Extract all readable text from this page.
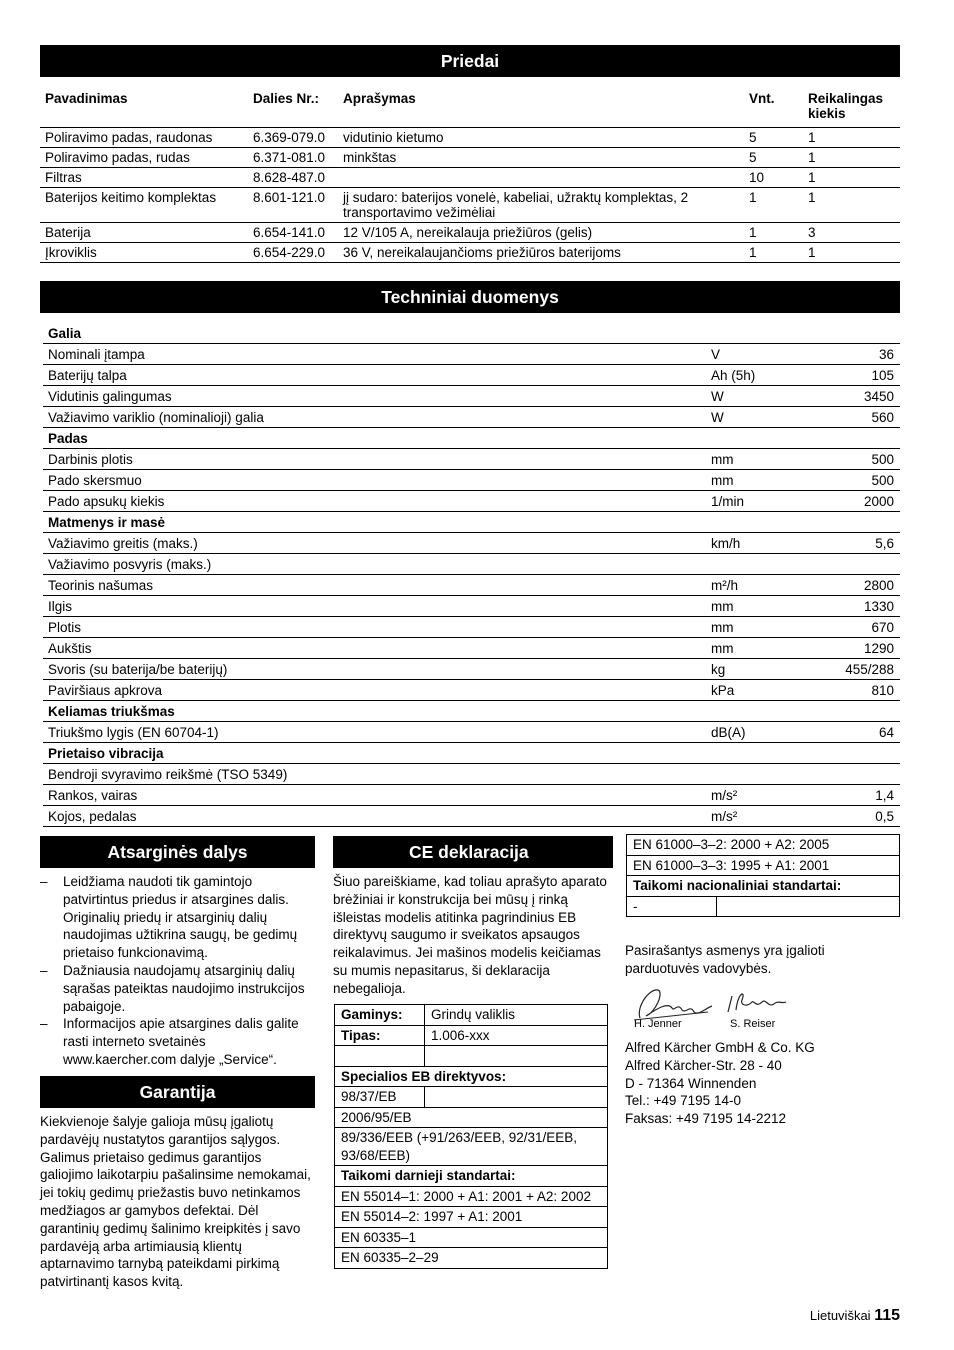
Priedai
Pavadinimas	Dalies Nr.:	Aprašymas	Vnt.	Reikalingas kiekis
Poliravimo padas, raudonas	6.369-079.0	vidutinio kietumo	5	1
Poliravimo padas, rudas	6.371-081.0	minkštas	5	1
Filtras	8.628-487.0		10	1
Baterijos keitimo komplektas	8.601-121.0	jį sudaro: baterijos vonelė, kabeliai, užraktų komplektas, 2 transportavimo vežimėliai	1	1
Baterija	6.654-141.0	12 V/105 A, nereikalauja priežiūros (gelis)	1	3
Įkroviklis	6.654-229.0	36 V, nereikalaujančioms priežiūros baterijoms	1	1
Techniniai duomenys
Galia		
Nominali įtampa	V	36
Baterijų talpa	Ah (5h)	105
Vidutinis galingumas	W	3450
Važiavimo variklio (nominalioji) galia	W	560
Padas		
Darbinis plotis	mm	500
Pado skersmuo	mm	500
Pado apsukų kiekis	1/min	2000
Matmenys ir masė		
Važiavimo greitis (maks.)	km/h	5,6
Važiavimo posvyris (maks.)		
Teorinis našumas	m²/h	2800
Ilgis	mm	1330
Plotis	mm	670
Aukštis	mm	1290
Svoris (su baterija/be baterijų)	kg	455/288
Paviršiaus apkrova	kPa	810
Keliamas triukšmas		
Triukšmo lygis (EN 60704-1)	dB(A)	64
Prietaiso vibracija		
Bendroji svyravimo reikšmė (TSO 5349)		
Rankos, vairas	m/s²	1,4
Kojos, pedalas	m/s²	0,5
Atsarginės dalys
–	Leidžiama naudoti tik gamintojo patvirtintus priedus ir atsargines dalis. Originalių priedų ir atsarginių dalių naudojimas užtikrina saugų, be gedimų prietaiso funkcionavimą.
–	Dažniausia naudojamų atsarginių dalių sąrašas pateiktas naudojimo instrukcijos pabaigoje.
–	Informacijos apie atsargines dalis galite rasti interneto svetainės www.kaercher.com dalyje „Service“.
Garantija
Kiekvienoje šalyje galioja mūsų įgaliotų pardavėjų nustatytos garantijos sąlygos. Galimus prietaiso gedimus garantijos galiojimo laikotarpiu pašalinsime nemokamai, jei tokių gedimų priežastis buvo netinkamos medžiagos ar gamybos defektai. Dėl garantinių gedimų šalinimo kreipkitės į savo pardavėją arba artimiausią klientų aptarnavimo tarnybą pateikdami pirkimą patvirtinantį kasos kvitą.
CE deklaracija
Šiuo pareiškiame, kad toliau aprašyto aparato brėžiniai ir konstrukcija bei mūsų į rinką išleistas modelis atitinka pagrindinius EB direktyvų saugumo ir sveikatos apsaugos reikalavimus. Jei mašinos modelis keičiamas su mumis nepasitarus, ši deklaracija nebegalioja.
Gaminys:	Grindų valiklis
Tipas:	1.006-xxx

Specialios EB direktyvos:	
98/37/EB	
2006/95/EB	
89/336/EEB (+91/263/EEB, 92/31/EEB, 93/68/EEB)	
Taikomi darnieji standartai:	
EN 55014–1: 2000 + A1: 2001 + A2: 2002	
EN 55014–2: 1997 + A1: 2001	
EN 60335–1	
EN 60335–2–29	
EN 61000–3–2: 2000 + A2: 2005
EN 61000–3–3: 1995 + A1: 2001
Taikomi nacionaliniai standartai:
-	
Pasirašantys asmenys yra įgalioti parduotuvės vadovybės.
H. Jenner	S. Reiser
Alfred Kärcher GmbH & Co. KG
Alfred Kärcher-Str. 28 - 40
D - 71364 Winnenden
Tel.: +49 7195 14-0
Faksas: +49 7195 14-2212
Lietuviškai 115
